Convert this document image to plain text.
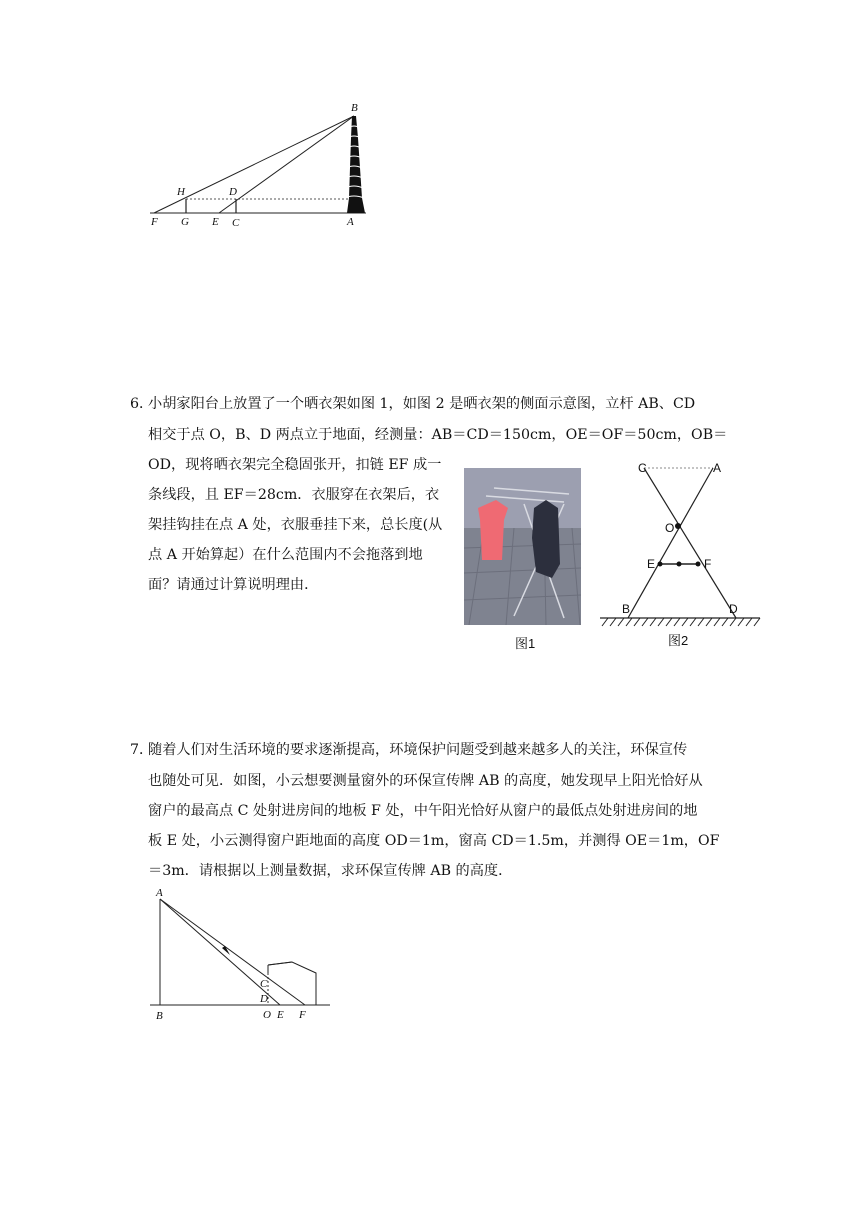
B
H	D
F G E C	A

6．
小胡家阳台上放置了一个晒衣架如图 1，如图 2 是晒衣架的侧面示意图，立杆 AB、CD

相交于点 O，B、D 两点立于地面，经测量：AB＝CD＝150cm，OE＝OF＝50cm，OB＝

OD，现将晒衣架完全稳固张开，扣链 EF 成一

条线段，且 EF＝28cm．衣服穿在衣架后，衣

架挂钩挂在点 A 处，衣服垂挂下来，总长度(从

点 A 开始算起）在什么范围内不会拖落到地

面？请通过计算说明理由．

图1
C	A
O
E	F
B	D
图2

7．
随着人们对生活环境的要求逐渐提高，环境保护问题受到越来越多人的关注，环保宣传

也随处可见．如图，小云想要测量窗外的环保宣传牌 AB 的高度，她发现早上阳光恰好从

窗户的最高点 C 处射进房间的地板 F 处，中午阳光恰好从窗户的最低点处射进房间的地

板 E 处，小云测得窗户距地面的高度 OD＝1m，窗高 CD＝1.5m，并测得 OE＝1m，OF

＝3m．请根据以上测量数据，求环保宣传牌 AB 的高度．

A
C
D
B	O E F
